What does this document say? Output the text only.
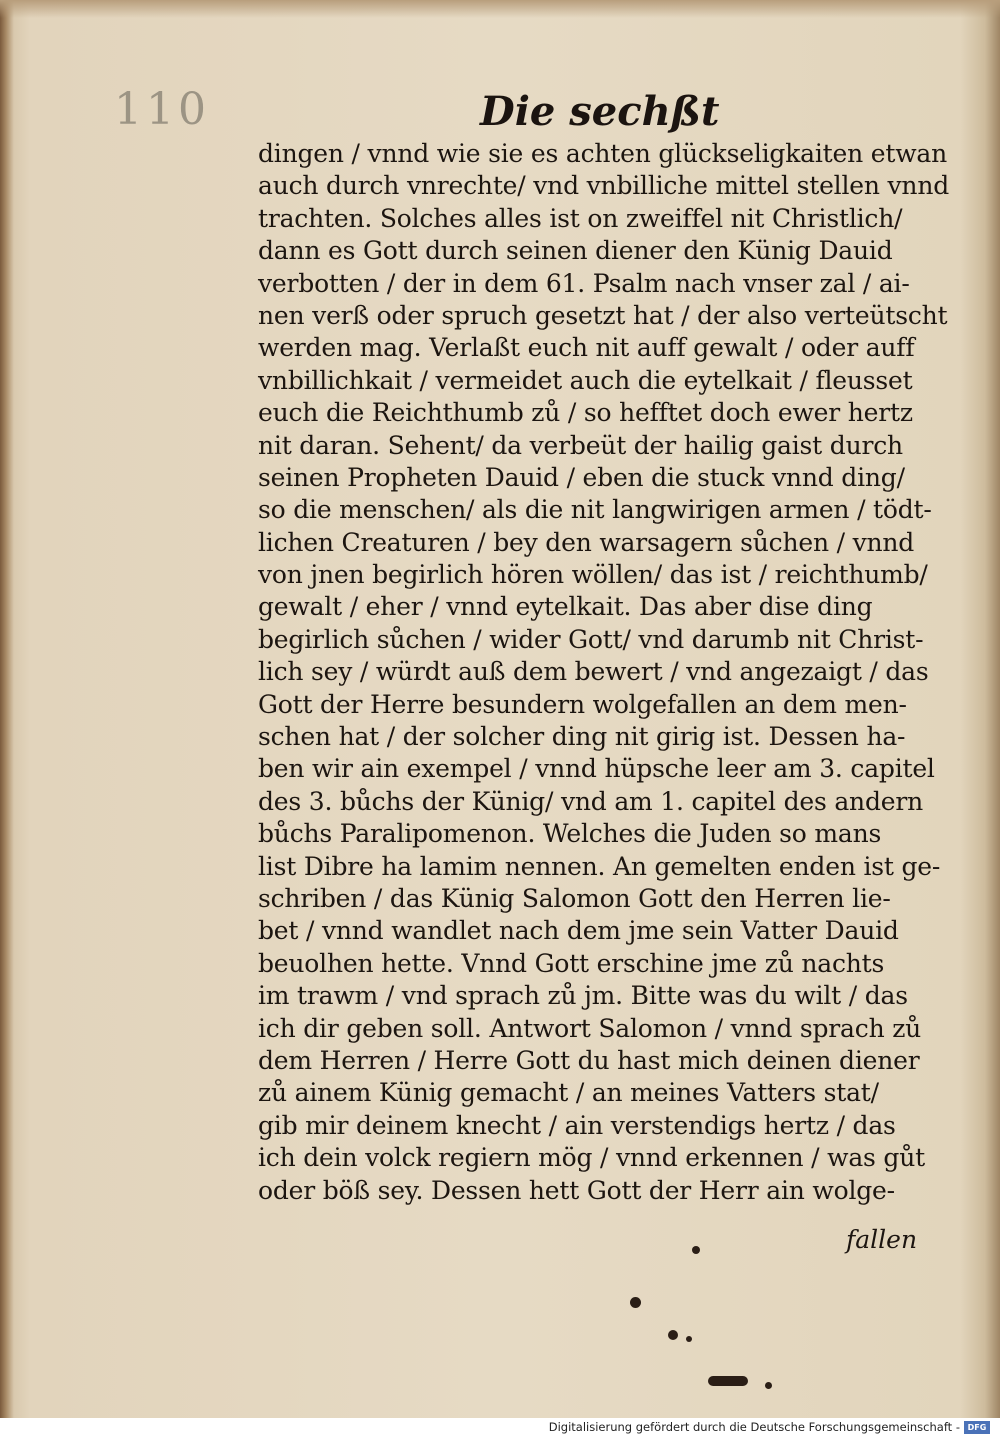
110	Die sechßt
dingen / vnnd wie sie es achten glückseligkaiten etwan
auch durch vnrechte/ vnd vnbilliche mittel stellen vnnd
trachten. Solches alles ist on zweiffel nit Christlich/
dann es Gott durch seinen diener den Künig Dauid
verbotten / der in dem 61. Psalm nach vnser zal / ai-
nen verß oder spruch gesetzt hat / der also verteütscht
werden mag. Verlaßt euch nit auff gewalt / oder auff
vnbillichkait / vermeidet auch die eytelkait / fleusset
euch die Reichthumb zů / so hefftet doch ewer hertz
nit daran. Sehent/ da verbeüt der hailig gaist durch
seinen Propheten Dauid / eben die stuck vnnd ding/
so die menschen/ als die nit langwirigen armen / tödt-
lichen Creaturen / bey den warsagern sůchen / vnnd
von jnen begirlich hören wöllen/ das ist / reichthumb/
gewalt / eher / vnnd eytelkait. Das aber dise ding
begirlich sůchen / wider Gott/ vnd darumb nit Christ-
lich sey / würdt auß dem bewert / vnd angezaigt / das
Gott der Herre besundern wolgefallen an dem men-
schen hat / der solcher ding nit girig ist. Dessen ha-
ben wir ain exempel / vnnd hüpsche leer am 3. capitel
des 3. bůchs der Künig/ vnd am 1. capitel des andern
bůchs Paralipomenon. Welches die Juden so mans
list Dibre ha lamim nennen. An gemelten enden ist ge-
schriben / das Künig Salomon Gott den Herren lie-
bet / vnnd wandlet nach dem jme sein Vatter Dauid
beuolhen hette. Vnnd Gott erschine jme zů nachts
im trawm / vnd sprach zů jm. Bitte was du wilt / das
ich dir geben soll. Antwort Salomon / vnnd sprach zů
dem Herren / Herre Gott du hast mich deinen diener
zů ainem Künig gemacht / an meines Vatters stat/
gib mir deinem knecht / ain verstendigs hertz / das
ich dein volck regiern mög / vnnd erkennen / was gůt
oder böß sey. Dessen hett Gott der Herr ain wolge-
fallen
Digitalisierung gefördert durch die Deutsche Forschungsgemeinschaft - DFG
